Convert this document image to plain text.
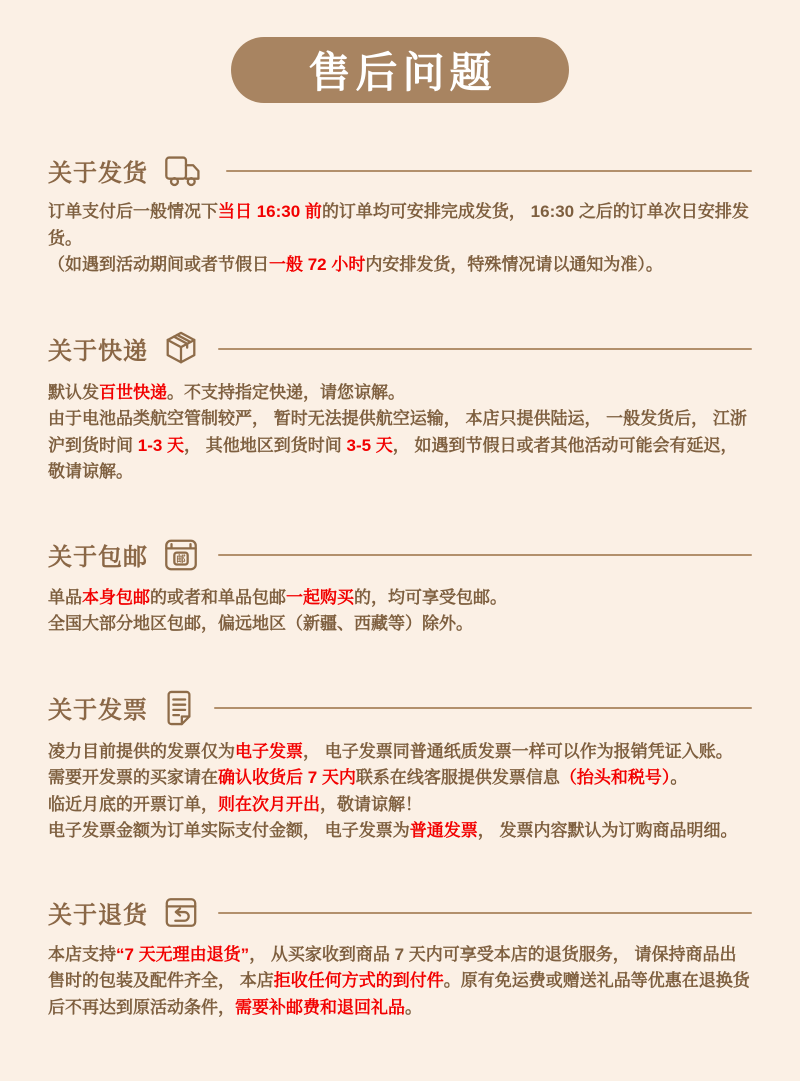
售后问题
关于发货

订单支付后一般情况下当日 16:30 前的订单均可安排完成发货， 16:30 之后的订单次日安排发货。

（如遇到活动期间或者节假日一般 72 小时内安排发货，特殊情况请以通知为准）。

关于快递

默认发百世快递。不支持指定快递，请您谅解。

由于电池品类航空管制较严， 暂时无法提供航空运输， 本店只提供陆运， 一般发货后， 江浙沪到货时间 1-3 天， 其他地区到货时间 3-5 天， 如遇到节假日或者其他活动可能会有延迟，敬请谅解。

关于包邮	邮

单品本身包邮的或者和单品包邮一起购买的，均可享受包邮。

全国大部分地区包邮，偏远地区（新疆、西藏等）除外。

关于发票

凌力目前提供的发票仅为电子发票， 电子发票同普通纸质发票一样可以作为报销凭证入账。

需要开发票的买家请在确认收货后 7 天内联系在线客服提供发票信息（抬头和税号）。

临近月底的开票订单，则在次月开出，敬请谅解！

电子发票金额为订单实际支付金额， 电子发票为普通发票， 发票内容默认为订购商品明细。

关于退货

本店支持“7 天无理由退货”， 从买家收到商品 7 天内可享受本店的退货服务， 请保持商品出售时的包装及配件齐全， 本店拒收任何方式的到付件。原有免运费或赠送礼品等优惠在退换货后不再达到原活动条件，需要补邮费和退回礼品。
